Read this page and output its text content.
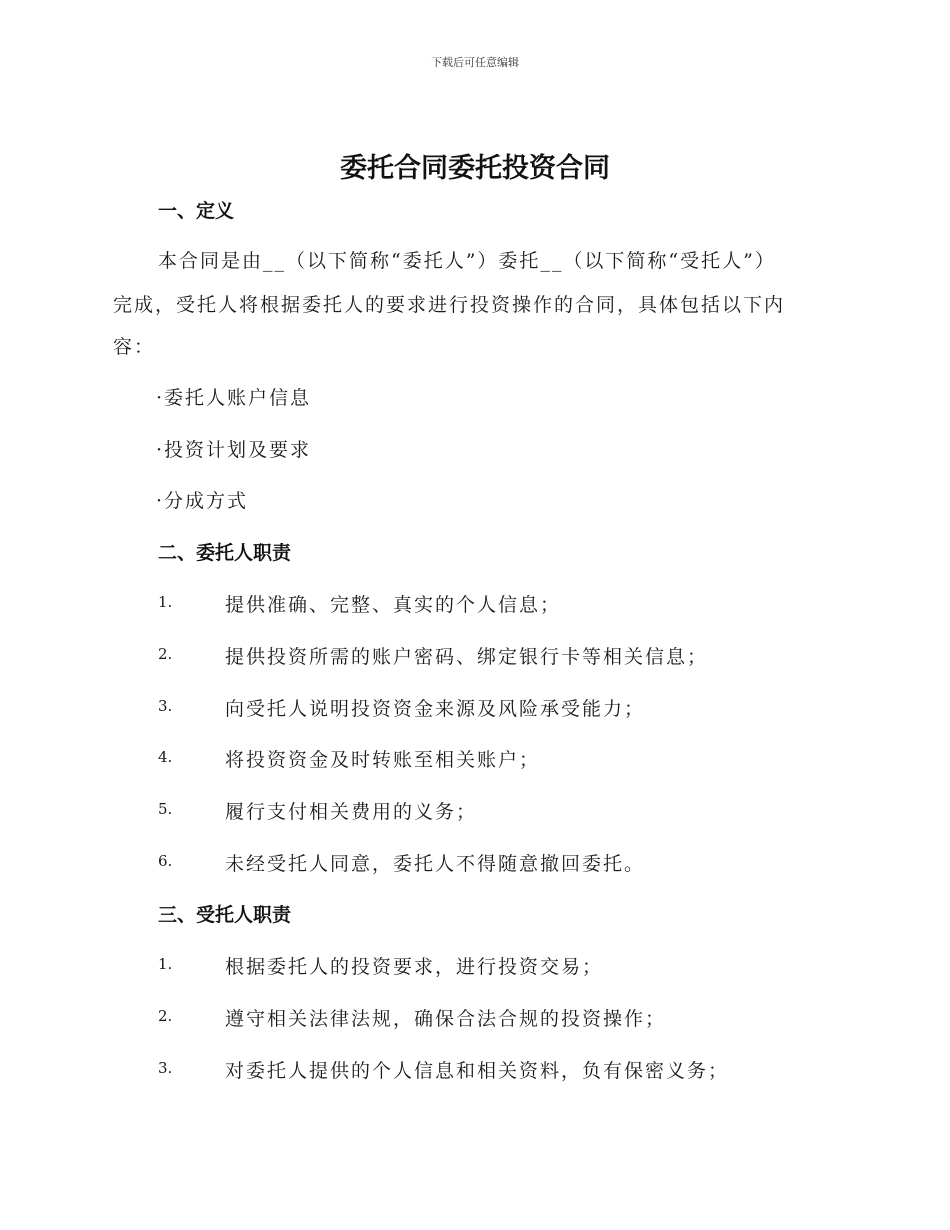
下载后可任意编辑
委托合同委托投资合同
一、定义
本合同是由__（以下简称“委托人”）委托__（以下简称“受托人”）
完成，受托人将根据委托人的要求进行投资操作的合同，具体包括以下内
容：
·委托人账户信息
·投资计划及要求
·分成方式
二、委托人职责
1.	提供准确、完整、真实的个人信息；
2.	提供投资所需的账户密码、绑定银行卡等相关信息；
3.	向受托人说明投资资金来源及风险承受能力；
4.	将投资资金及时转账至相关账户；
5.	履行支付相关费用的义务；
6.	未经受托人同意，委托人不得随意撤回委托。
三、受托人职责
1.	根据委托人的投资要求，进行投资交易；
2.	遵守相关法律法规，确保合法合规的投资操作；
3.	对委托人提供的个人信息和相关资料，负有保密义务；
